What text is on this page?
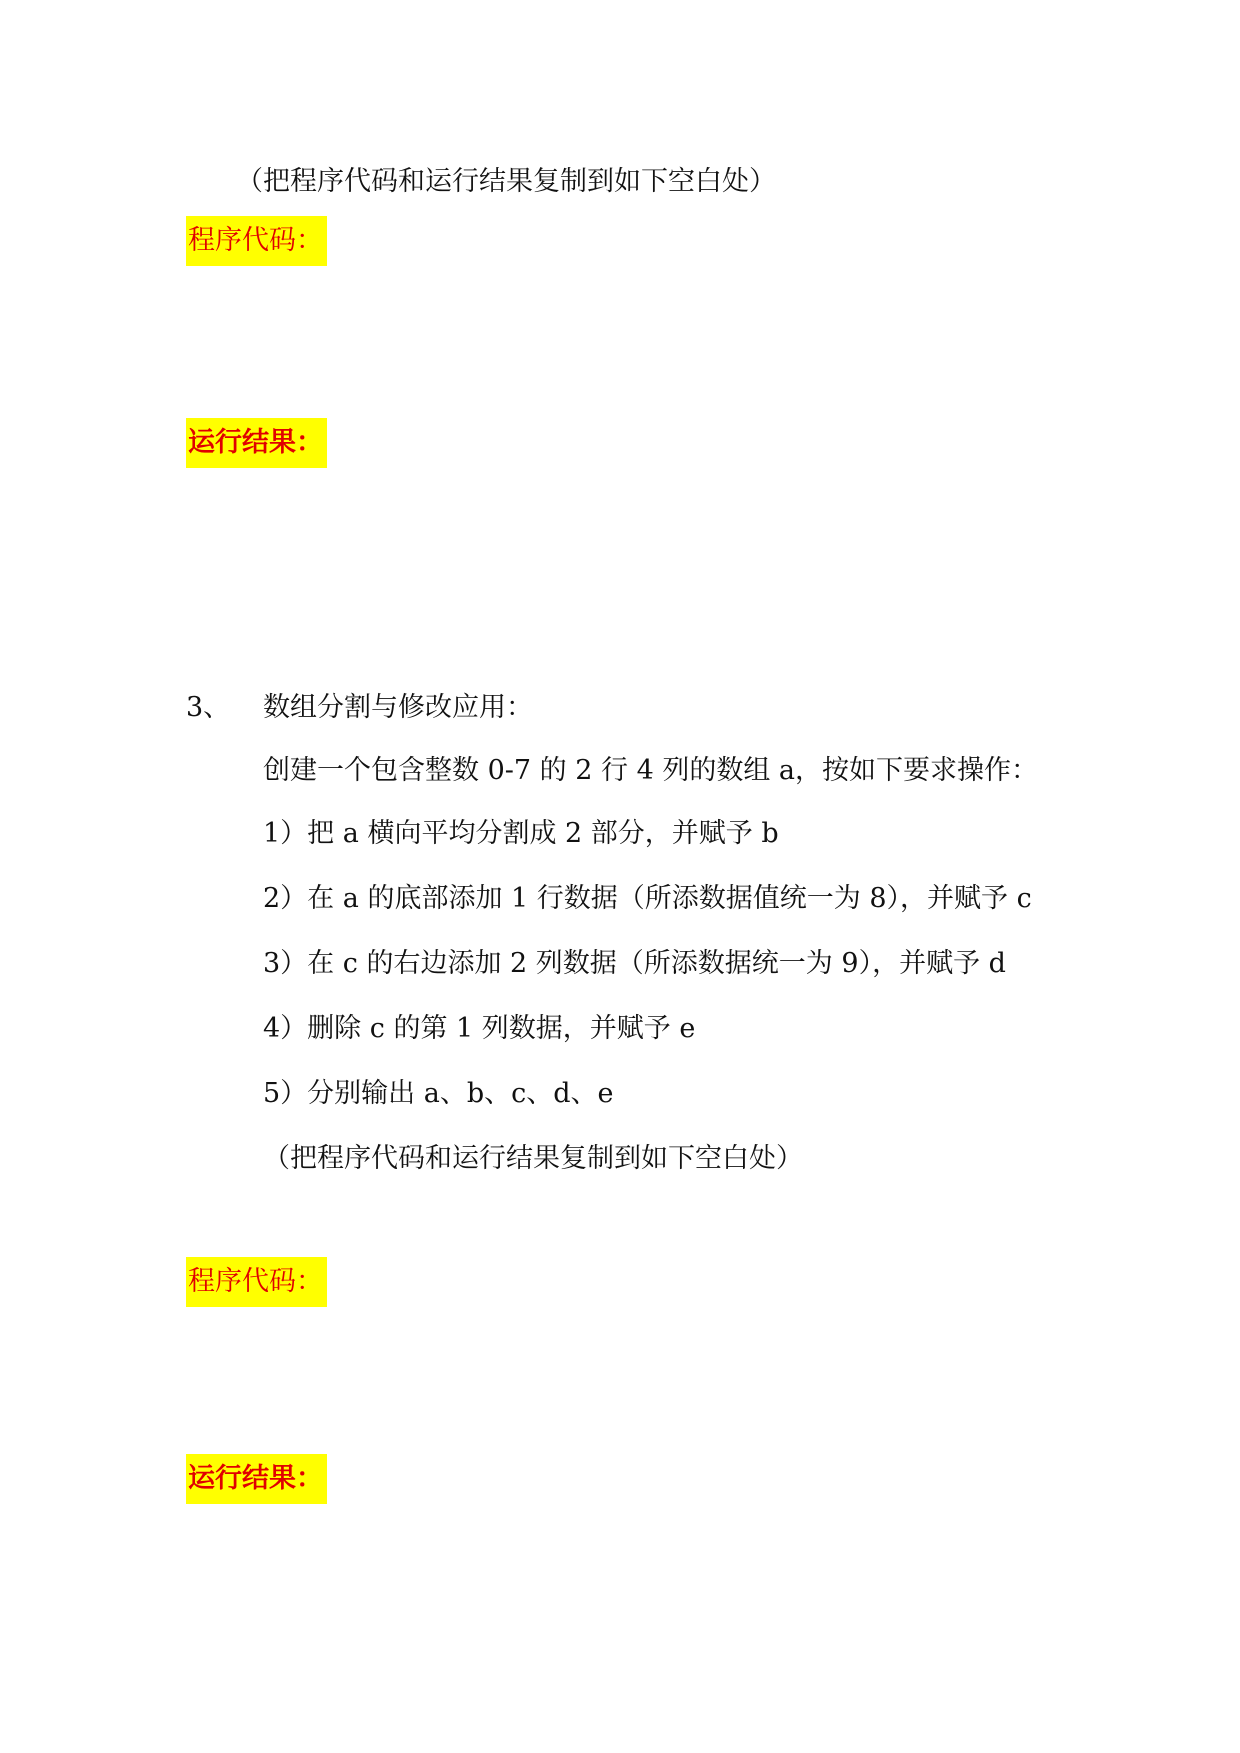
（把程序代码和运行结果复制到如下空白处）
程序代码：
运行结果：
3、 数组分割与修改应用：
创建一个包含整数 0-7 的 2 行 4 列的数组 a，按如下要求操作：
1）把 a 横向平均分割成 2 部分，并赋予 b
2）在 a 的底部添加 1 行数据（所添数据值统一为 8），并赋予 c
3）在 c 的右边添加 2 列数据（所添数据统一为 9），并赋予 d
4）删除 c 的第 1 列数据，并赋予 e
5）分别输出 a、b、c、d、e
（把程序代码和运行结果复制到如下空白处）
程序代码：
运行结果：
